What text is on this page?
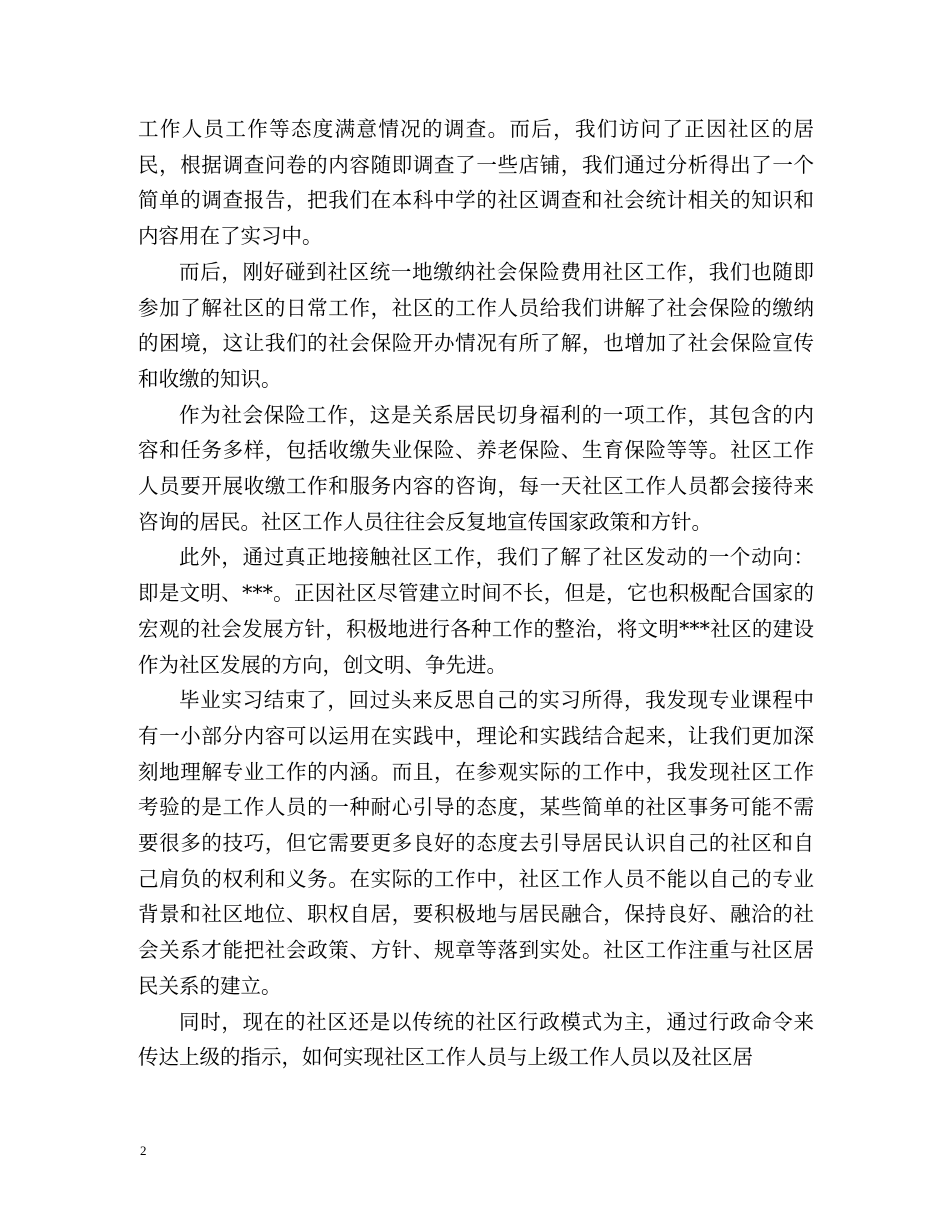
工作人员工作等态度满意情况的调查。而后，我们访问了正因社区的居民，根据调查问卷的内容随即调查了一些店铺，我们通过分析得出了一个简单的调查报告，把我们在本科中学的社区调查和社会统计相关的知识和内容用在了实习中。

而后，刚好碰到社区统一地缴纳社会保险费用社区工作，我们也随即参加了解社区的日常工作，社区的工作人员给我们讲解了社会保险的缴纳的困境，这让我们的社会保险开办情况有所了解，也增加了社会保险宣传和收缴的知识。

作为社会保险工作，这是关系居民切身福利的一项工作，其包含的内容和任务多样，包括收缴失业保险、养老保险、生育保险等等。社区工作人员要开展收缴工作和服务内容的咨询，每一天社区工作人员都会接待来咨询的居民。社区工作人员往往会反复地宣传国家政策和方针。

此外，通过真正地接触社区工作，我们了解了社区发动的一个动向：即是文明、***。正因社区尽管建立时间不长，但是，它也积极配合国家的宏观的社会发展方针，积极地进行各种工作的整治，将文明***社区的建设作为社区发展的方向，创文明、争先进。

毕业实习结束了，回过头来反思自己的实习所得，我发现专业课程中有一小部分内容可以运用在实践中，理论和实践结合起来，让我们更加深刻地理解专业工作的内涵。而且，在参观实际的工作中，我发现社区工作考验的是工作人员的一种耐心引导的态度，某些简单的社区事务可能不需要很多的技巧，但它需要更多良好的态度去引导居民认识自己的社区和自己肩负的权利和义务。在实际的工作中，社区工作人员不能以自己的专业背景和社区地位、职权自居，要积极地与居民融合，保持良好、融洽的社会关系才能把社会政策、方针、规章等落到实处。社区工作注重与社区居民关系的建立。

同时，现在的社区还是以传统的社区行政模式为主，通过行政命令来传达上级的指示，如何实现社区工作人员与上级工作人员以及社区居

2
